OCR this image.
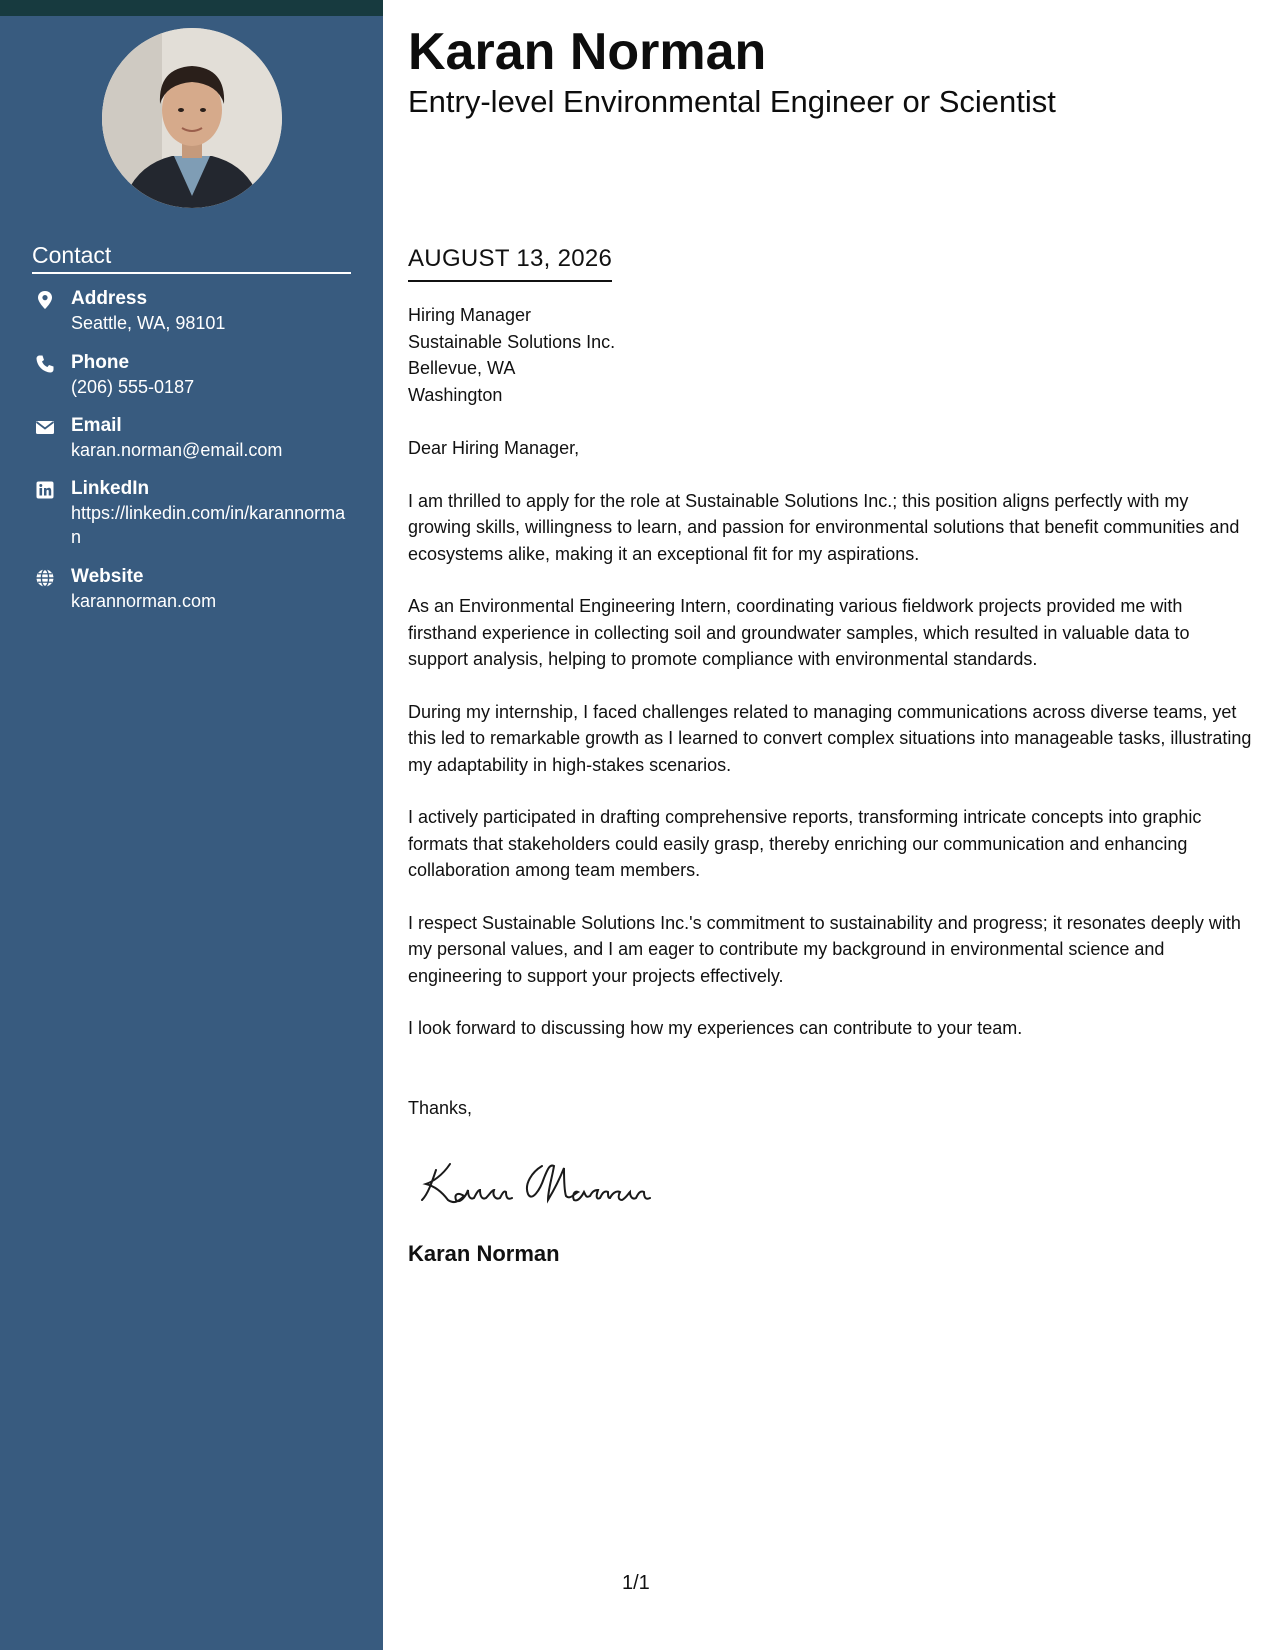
Contact
Address
Seattle, WA, 98101
Phone
(206) 555-0187
Email
karan.norman@email.com
LinkedIn
https://linkedin.com/in/karannorman
Website
karannorman.com
Karan Norman
Entry-level Environmental Engineer or Scientist
AUGUST 13, 2026
Hiring Manager
Sustainable Solutions Inc.
Bellevue, WA
Washington

Dear Hiring Manager,

I am thrilled to apply for the role at Sustainable Solutions Inc.; this position aligns perfectly with my growing skills, willingness to learn, and passion for environmental solutions that benefit communities and ecosystems alike, making it an exceptional fit for my aspirations.

As an Environmental Engineering Intern, coordinating various fieldwork projects provided me with firsthand experience in collecting soil and groundwater samples, which resulted in valuable data to support analysis, helping to promote compliance with environmental standards.

During my internship, I faced challenges related to managing communications across diverse teams, yet this led to remarkable growth as I learned to convert complex situations into manageable tasks, illustrating my adaptability in high-stakes scenarios.

I actively participated in drafting comprehensive reports, transforming intricate concepts into graphic formats that stakeholders could easily grasp, thereby enriching our communication and enhancing collaboration among team members.

I respect Sustainable Solutions Inc.'s commitment to sustainability and progress; it resonates deeply with my personal values, and I am eager to contribute my background in environmental science and engineering to support your projects effectively.

I look forward to discussing how my experiences can contribute to your team.

Thanks,
Karan Norman
1/1
